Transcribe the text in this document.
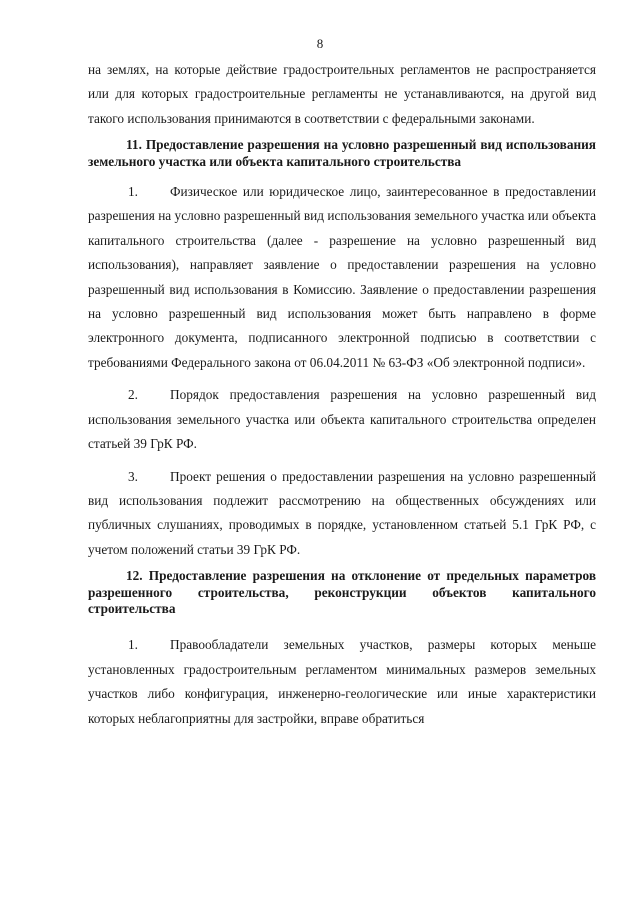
8

на землях, на которые действие градостроительных регламентов не распространяется или для которых градостроительные регламенты не устанавливаются, на другой вид такого использования принимаются в соответствии с федеральными законами.

11. Предоставление разрешения на условно разрешенный вид использования земельного участка или объекта капитального строительства

1. Физическое или юридическое лицо, заинтересованное в предоставлении разрешения на условно разрешенный вид использования земельного участка или объекта капитального строительства (далее - разрешение на условно разрешенный вид использования), направляет заявление о предоставлении разрешения на условно разрешенный вид использования в Комиссию. Заявление о предоставлении разрешения на условно разрешенный вид использования может быть направлено в форме электронного документа, подписанного электронной подписью в соответствии с требованиями Федерального закона от 06.04.2011 № 63-ФЗ «Об электронной подписи».

2. Порядок предоставления разрешения на условно разрешенный вид использования земельного участка или объекта капитального строительства определен статьей 39 ГрК РФ.

3. Проект решения о предоставлении разрешения на условно разрешенный вид использования подлежит рассмотрению на общественных обсуждениях или публичных слушаниях, проводимых в порядке, установленном статьей 5.1 ГрК РФ, с учетом положений статьи 39 ГрК РФ.

12. Предоставление разрешения на отклонение от предельных параметров разрешенного строительства, реконструкции объектов капитального строительства

1. Правообладатели земельных участков, размеры которых меньше установленных градостроительным регламентом минимальных размеров земельных участков либо конфигурация, инженерно-геологические или иные характеристики которых неблагоприятны для застройки, вправе обратиться
